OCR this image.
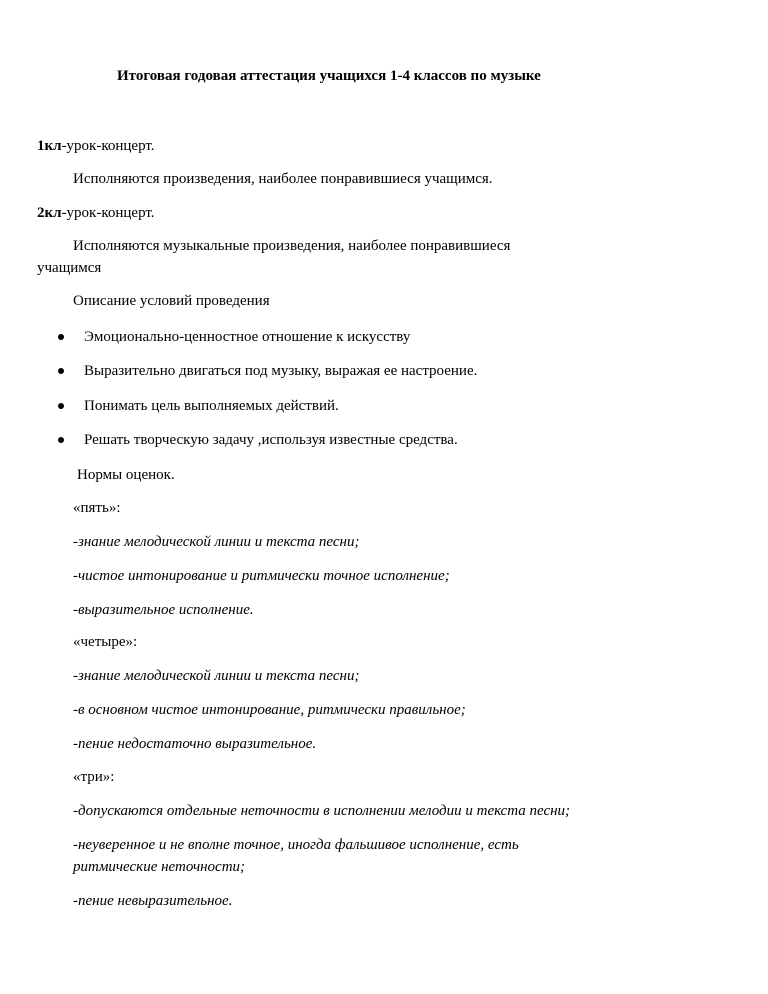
Итоговая годовая аттестация учащихся 1-4 классов по музыке
1кл-урок-концерт.
Исполняются произведения, наиболее понравившиеся учащимся.
2кл-урок-концерт.
Исполняются музыкальные произведения, наиболее понравившиеся
учащимся
Описание условий проведения
Эмоционально-ценностное отношение к искусству
Выразительно двигаться под музыку, выражая ее настроение.
Понимать цель выполняемых действий.
Решать творческую задачу ,используя известные средства.
Нормы оценок.
«пять»:
-знание мелодической линии и текста песни;
-чистое интонирование и ритмически точное исполнение;
-выразительное исполнение.
«четыре»:
-знание мелодической линии и текста песни;
-в основном чистое интонирование, ритмически правильное;
-пение недостаточно выразительное.
«три»:
-допускаются отдельные неточности в исполнении мелодии и текста песни;
-неуверенное и не вполне точное, иногда фальшивое исполнение, есть
ритмические неточности;
-пение невыразительное.
